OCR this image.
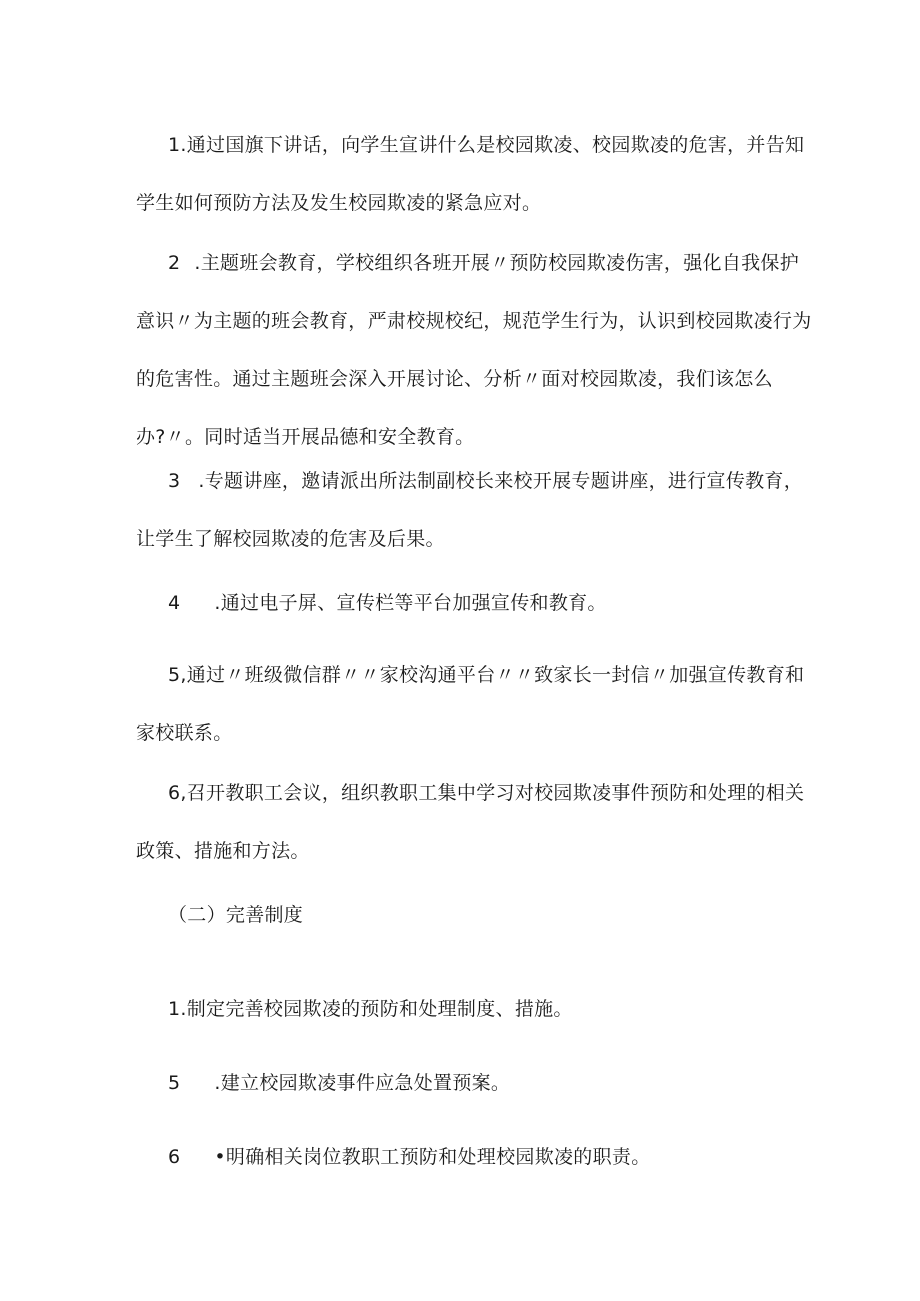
1.通过国旗下讲话，向学生宣讲什么是校园欺凌、校园欺凌的危害，并告知
学生如何预防方法及发生校园欺凌的紧急应对。

2 .主题班会教育，学校组织各班开展〃预防校园欺凌伤害，强化自我保护
意识〃为主题的班会教育，严肃校规校纪，规范学生行为，认识到校园欺凌行为
的危害性。通过主题班会深入开展讨论、分析〃面对校园欺凌，我们该怎么
办?〃。同时适当开展品德和安全教育。

3 .专题讲座，邀请派出所法制副校长来校开展专题讲座，进行宣传教育，
让学生了解校园欺凌的危害及后果。

4 .通过电子屏、宣传栏等平台加强宣传和教育。

5,通过〃班级微信群〃〃家校沟通平台〃〃致家长一封信〃加强宣传教育和
家校联系。

6,召开教职工会议，组织教职工集中学习对校园欺凌事件预防和处理的相关
政策、措施和方法。

（二）完善制度

1.制定完善校园欺凌的预防和处理制度、措施。

5 .建立校园欺凌事件应急处置预案。

6 •明确相关岗位教职工预防和处理校园欺凌的职责。
